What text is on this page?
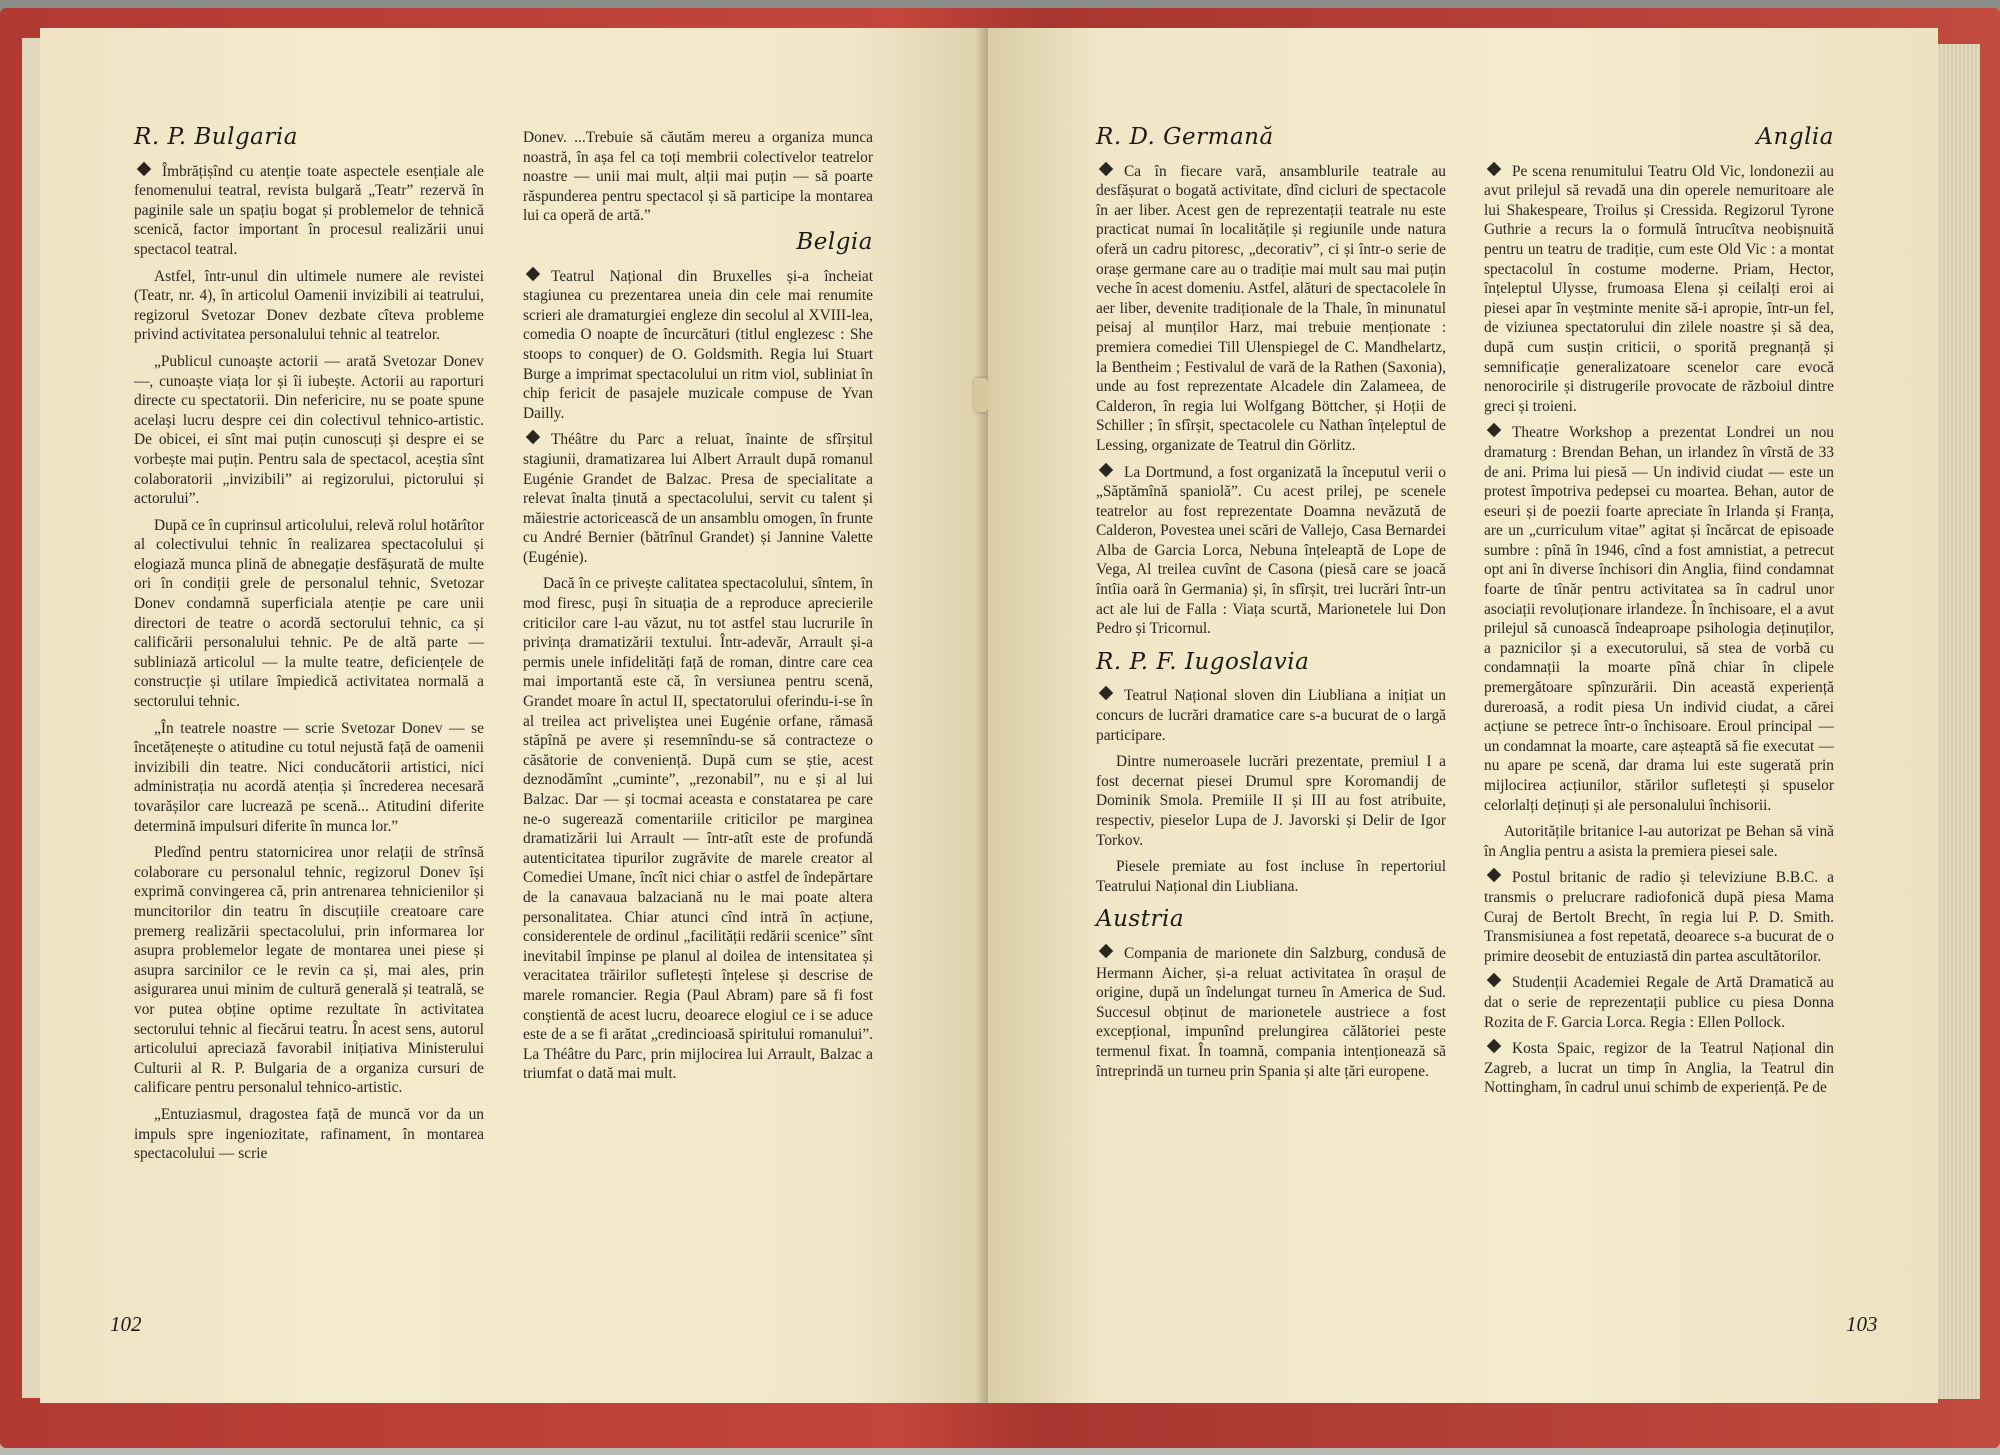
R. P. Bulgaria

Îmbrățișînd cu atenție toate aspectele esențiale ale fenomenului teatral, revista bulgară „Teatr” rezervă în paginile sale un spațiu bogat și problemelor de tehnică scenică, factor important în procesul realizării unui spectacol teatral.

Astfel, într-unul din ultimele numere ale revistei (Teatr, nr. 4), în articolul Oamenii invizibili ai teatrului, regizorul Svetozar Donev dezbate cîteva probleme privind activitatea personalului tehnic al teatrelor.

„Publicul cunoaște actorii — arată Svetozar Donev —, cunoaște viața lor și îi iubește. Actorii au raporturi directe cu spectatorii. Din nefericire, nu se poate spune același lucru despre cei din colectivul tehnico-artistic. De obicei, ei sînt mai puțin cunoscuți și despre ei se vorbește mai puțin. Pentru sala de spectacol, aceștia sînt colaboratorii „invizibili” ai regizorului, pictorului și actorului”.

După ce în cuprinsul articolului, relevă rolul hotărîtor al colectivului tehnic în realizarea spectacolului și elogiază munca plină de abnegație desfășurată de multe ori în condiții grele de personalul tehnic, Svetozar Donev condamnă superficiala atenție pe care unii directori de teatre o acordă sectorului tehnic, ca și calificării personalului tehnic. Pe de altă parte — subliniază articolul — la multe teatre, deficiențele de construcție și utilare împiedică activitatea normală a sectorului tehnic.

„În teatrele noastre — scrie Svetozar Donev — se încetățenește o atitudine cu totul nejustă față de oamenii invizibili din teatre. Nici conducătorii artistici, nici administrația nu acordă atenția și încrederea necesară tovarășilor care lucrează pe scenă... Atitudini diferite determină impulsuri diferite în munca lor.”

Pledînd pentru statornicirea unor relații de strînsă colaborare cu personalul tehnic, regizorul Donev își exprimă convingerea că, prin antrenarea tehnicienilor și muncitorilor din teatru în discuțiile creatoare care premerg realizării spectacolului, prin informarea lor asupra problemelor legate de montarea unei piese și asupra sarcinilor ce le revin ca și, mai ales, prin asigurarea unui minim de cultură generală și teatrală, se vor putea obține optime rezultate în activitatea sectorului tehnic al fiecărui teatru. În acest sens, autorul articolului apreciază favorabil inițiativa Ministerului Culturii al R. P. Bulgaria de a organiza cursuri de calificare pentru personalul tehnico-artistic.

„Entuziasmul, dragostea față de muncă vor da un impuls spre ingeniozitate, rafinament, în montarea spectacolului — scrie

Donev. ...Trebuie să căutăm mereu a organiza munca noastră, în așa fel ca toți membrii colectivelor teatrelor noastre — unii mai mult, alții mai puțin — să poarte răspunderea pentru spectacol și să participe la montarea lui ca operă de artă.”

Belgia

Teatrul Național din Bruxelles și-a încheiat stagiunea cu prezentarea uneia din cele mai renumite scrieri ale dramaturgiei engleze din secolul al XVIII-lea, comedia O noapte de încurcături (titlul englezesc : She stoops to conquer) de O. Goldsmith. Regia lui Stuart Burge a imprimat spectacolului un ritm viol, subliniat în chip fericit de pasajele muzicale compuse de Yvan Dailly.

Théâtre du Parc a reluat, înainte de sfîrșitul stagiunii, dramatizarea lui Albert Arrault după romanul Eugénie Grandet de Balzac. Presa de specialitate a relevat înalta ținută a spectacolului, servit cu talent și măiestrie actoricească de un ansamblu omogen, în frunte cu André Bernier (bătrînul Grandet) și Jannine Valette (Eugénie).

Dacă în ce privește calitatea spectacolului, sîntem, în mod firesc, puși în situația de a reproduce aprecierile criticilor care l-au văzut, nu tot astfel stau lucrurile în privința dramatizării textului. Într-adevăr, Arrault și-a permis unele infidelități față de roman, dintre care cea mai importantă este că, în versiunea pentru scenă, Grandet moare în actul II, spectatorului oferindu-i-se în al treilea act priveliștea unei Eugénie orfane, rămasă stăpînă pe avere și resemnîndu-se să contracteze o căsătorie de conveniență. După cum se știe, acest deznodămînt „cuminte”, „rezonabil”, nu e și al lui Balzac. Dar — și tocmai aceasta e constatarea pe care ne-o sugerează comentariile criticilor pe marginea dramatizării lui Arrault — într-atît este de profundă autenticitatea tipurilor zugrăvite de marele creator al Comediei Umane, încît nici chiar o astfel de îndepărtare de la canavaua balzaciană nu le mai poate altera personalitatea. Chiar atunci cînd intră în acțiune, considerentele de ordinul „facilității redării scenice” sînt inevitabil împinse pe planul al doilea de intensitatea și veracitatea trăirilor sufletești înțelese și descrise de marele romancier. Regia (Paul Abram) pare să fi fost conștientă de acest lucru, deoarece elogiul ce i se aduce este de a se fi arătat „credincioasă spiritului romanului”. La Théâtre du Parc, prin mijlocirea lui Arrault, Balzac a triumfat o dată mai mult.

102
R. D. Germană

Ca în fiecare vară, ansamblurile teatrale au desfășurat o bogată activitate, dînd cicluri de spectacole în aer liber. Acest gen de reprezentații teatrale nu este practicat numai în localitățile și regiunile unde natura oferă un cadru pitoresc, „decorativ”, ci și într-o serie de orașe germane care au o tradiție mai mult sau mai puțin veche în acest domeniu. Astfel, alături de spectacolele în aer liber, devenite tradiționale de la Thale, în minunatul peisaj al munților Harz, mai trebuie menționate : premiera comediei Till Ulenspiegel de C. Mandhelartz, la Bentheim ; Festivalul de vară de la Rathen (Saxonia), unde au fost reprezentate Alcadele din Zalameea, de Calderon, în regia lui Wolfgang Böttcher, și Hoții de Schiller ; în sfîrșit, spectacolele cu Nathan înțeleptul de Lessing, organizate de Teatrul din Görlitz.

La Dortmund, a fost organizată la începutul verii o „Săptămînă spaniolă”. Cu acest prilej, pe scenele teatrelor au fost reprezentate Doamna nevăzută de Calderon, Povestea unei scări de Vallejo, Casa Bernardei Alba de Garcia Lorca, Nebuna înțeleaptă de Lope de Vega, Al treilea cuvînt de Casona (piesă care se joacă întîia oară în Germania) și, în sfîrșit, trei lucrări într-un act ale lui de Falla : Viața scurtă, Marionetele lui Don Pedro și Tricornul.

R. P. F. Iugoslavia

Teatrul Național sloven din Liubliana a inițiat un concurs de lucrări dramatice care s-a bucurat de o largă participare.

Dintre numeroasele lucrări prezentate, premiul I a fost decernat piesei Drumul spre Koromandij de Dominik Smola. Premiile II și III au fost atribuite, respectiv, pieselor Lupa de J. Javorski și Delir de Igor Torkov.

Piesele premiate au fost incluse în repertoriul Teatrului Național din Liubliana.

Austria

Compania de marionete din Salzburg, condusă de Hermann Aicher, și-a reluat activitatea în orașul de origine, după un îndelungat turneu în America de Sud. Succesul obținut de marionetele austriece a fost excepțional, impunînd prelungirea călătoriei peste termenul fixat. În toamnă, compania intenționează să întreprindă un turneu prin Spania și alte țări europene.

Anglia

Pe scena renumitului Teatru Old Vic, londonezii au avut prilejul să revadă una din operele nemuritoare ale lui Shakespeare, Troilus și Cressida. Regizorul Tyrone Guthrie a recurs la o formulă întrucîtva neobișnuită pentru un teatru de tradiție, cum este Old Vic : a montat spectacolul în costume moderne. Priam, Hector, înțeleptul Ulysse, frumoasa Elena și ceilalți eroi ai piesei apar în veștminte menite să-i apropie, într-un fel, de viziunea spectatorului din zilele noastre și să dea, după cum susțin criticii, o sporită pregnanță și semnificație generalizatoare scenelor care evocă nenorocirile și distrugerile provocate de războiul dintre greci și troieni.

Theatre Workshop a prezentat Londrei un nou dramaturg : Brendan Behan, un irlandez în vîrstă de 33 de ani. Prima lui piesă — Un individ ciudat — este un protest împotriva pedepsei cu moartea. Behan, autor de eseuri și de poezii foarte apreciate în Irlanda și Franța, are un „curriculum vitae” agitat și încărcat de episoade sumbre : pînă în 1946, cînd a fost amnistiat, a petrecut opt ani în diverse închisori din Anglia, fiind condamnat foarte de tînăr pentru activitatea sa în cadrul unor asociații revoluționare irlandeze. În închisoare, el a avut prilejul să cunoască îndeaproape psihologia deținuților, a paznicilor și a executorului, să stea de vorbă cu condamnații la moarte pînă chiar în clipele premergătoare spînzurării. Din această experiență dureroasă, a rodit piesa Un individ ciudat, a cărei acțiune se petrece într-o închisoare. Eroul principal — un condamnat la moarte, care așteaptă să fie executat — nu apare pe scenă, dar drama lui este sugerată prin mijlocirea acțiunilor, stărilor sufletești și spuselor celorlalți deținuți și ale personalului închisorii.

Autoritățile britanice l-au autorizat pe Behan să vină în Anglia pentru a asista la premiera piesei sale.

Postul britanic de radio și televiziune B.B.C. a transmis o prelucrare radiofonică după piesa Mama Curaj de Bertolt Brecht, în regia lui P. D. Smith. Transmisiunea a fost repetată, deoarece s-a bucurat de o primire deosebit de entuziastă din partea ascultătorilor.

Studenții Academiei Regale de Artă Dramatică au dat o serie de reprezentații publice cu piesa Donna Rozita de F. Garcia Lorca. Regia : Ellen Pollock.

Kosta Spaic, regizor de la Teatrul Național din Zagreb, a lucrat un timp în Anglia, la Teatrul din Nottingham, în cadrul unui schimb de experiență. Pe de

103
